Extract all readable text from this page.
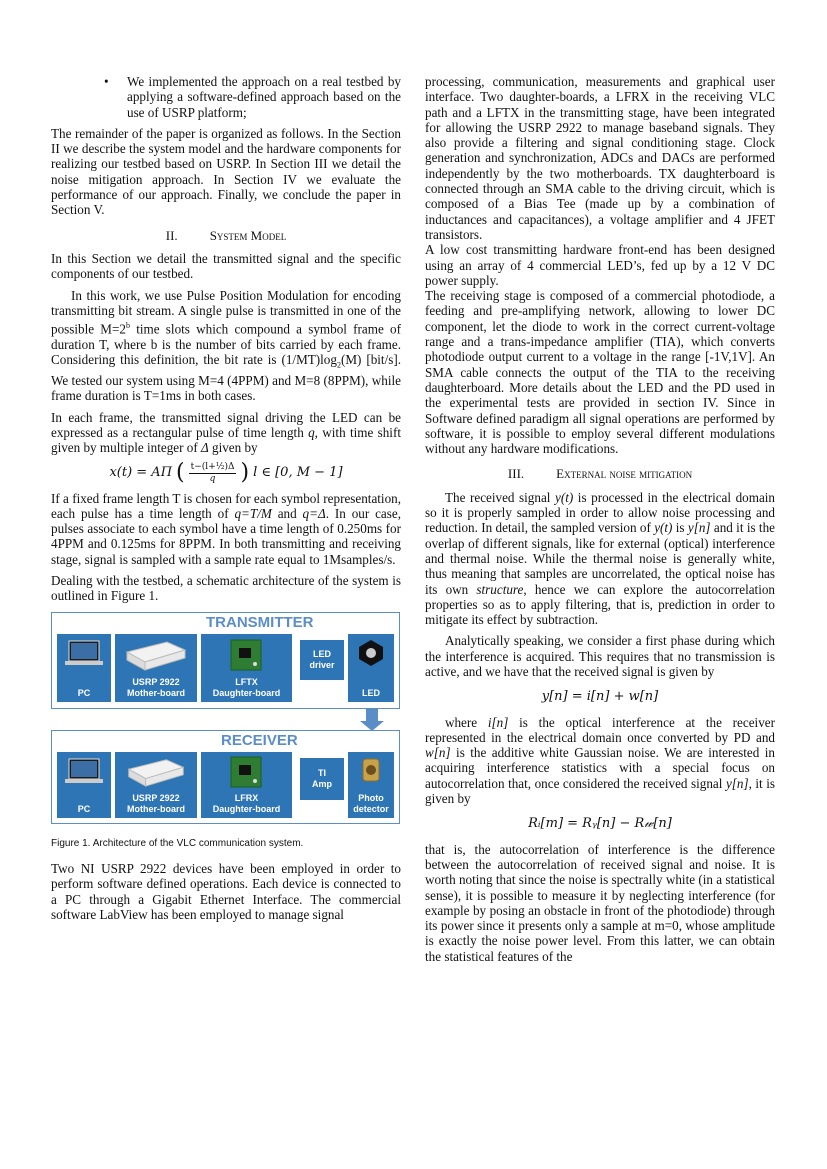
•	We implemented the approach on a real testbed by applying a software-defined approach based on the use of USRP platform;

The remainder of the paper is organized as follows. In the Section II we describe the system model and the hardware components for realizing our testbed based on USRP. In Section III we detail the noise mitigation approach. In Section IV we evaluate the performance of our approach. Finally, we conclude the paper in Section V.

II. System Model

In this Section we detail the transmitted signal and the specific components of our testbed.

In this work, we use Pulse Position Modulation for encoding transmitting bit stream. A single pulse is transmitted in one of the possible $M=2^b$ time slots which compound a symbol frame of duration T, where b is the number of bits carried by each frame. Considering this definition, the bit rate is $(1/MT)\log_2(M)$ [bit/s]. We tested our system using M=4 (4PPM) and M=8 (8PPM), while frame duration is T=1ms in both cases.

In each frame, the transmitted signal driving the LED can be expressed as a rectangular pulse of time length q, with time shift given by multiple integer of Δ given by

x(t) = AΠ ( t−(l+½)Δ
q ) l ∈ [0, M − 1]

If a fixed frame length T is chosen for each symbol representation, each pulse has a time length of q=T/M and q=Δ. In our case, pulses associate to each symbol have a time length of 0.250ms for 4PPM and 0.125ms for 8PPM. In both transmitting and receiving stage, signal is sampled with a sample rate equal to 1Msamples/s.

Dealing with the testbed, a schematic architecture of the system is outlined in Figure 1.

TRANSMITTER
PC
USRP 2922
Mother-board
LFTX
Daughter-board
LED
driver
LED
RECEIVER
PC
USRP 2922
Mother-board
LFRX
Daughter-board
TI
Amp
Photo
detector

Figure 1. Architecture of the VLC communication system.

Two NI USRP 2922 devices have been employed in order to perform software defined operations. Each device is connected to a PC through a Gigabit Ethernet Interface. The commercial software LabView has been employed to manage signal

processing, communication, measurements and graphical user interface. Two daughter-boards, a LFRX in the receiving VLC path and a LFTX in the transmitting stage, have been integrated for allowing the USRP 2922 to manage baseband signals. They also provide a filtering and signal conditioning stage. Clock generation and synchronization, ADCs and DACs are performed independently by the two motherboards. TX daughterboard is connected through an SMA cable to the driving circuit, which is composed of a Bias Tee (made up by a combination of inductances and capacitances), a voltage amplifier and 4 JFET transistors.

A low cost transmitting hardware front-end has been designed using an array of 4 commercial LED’s, fed up by a 12 V DC power supply.

The receiving stage is composed of a commercial photodiode, a feeding and pre-amplifying network, allowing to lower DC component, let the diode to work in the correct current-voltage range and a trans-impedance amplifier (TIA), which converts photodiode output current to a voltage in the range [-1V,1V]. An SMA cable connects the output of the TIA to the receiving daughterboard. More details about the LED and the PD used in the experimental tests are provided in section IV. Since in Software defined paradigm all signal operations are performed by software, it is possible to employ several different modulations without any hardware modifications.

III. External noise mitigation

The received signal y(t) is processed in the electrical domain so it is properly sampled in order to allow noise processing and reduction. In detail, the sampled version of y(t) is y[n] and it is the overlap of different signals, like for external (optical) interference and thermal noise. While the thermal noise is generally white, thus meaning that samples are uncorrelated, the optical noise has its own structure, hence we can explore the autocorrelation properties so as to apply filtering, that is, prediction in order to mitigate its effect by subtraction.

Analytically speaking, we consider a first phase during which the interference is acquired. This requires that no transmission is active, and we have that the received signal is given by

y[n] = i[n] + w[n]

where i[n] is the optical interference at the receiver represented in the electrical domain once converted by PD and w[n] is the additive white Gaussian noise. We are interested in acquiring interference statistics with a special focus on autocorrelation that, once considered the received signal y[n], it is given by

Rᵢ[m] = Rᵧ[n] − R𝓌[n]

that is, the autocorrelation of interference is the difference between the autocorrelation of received signal and noise. It is worth noting that since the noise is spectrally white (in a statistical sense), it is possible to measure it by neglecting interference (for example by posing an obstacle in front of the photodiode) through its power since it presents only a sample at m=0, whose amplitude is exactly the noise power level. From this latter, we can obtain the statistical features of the
